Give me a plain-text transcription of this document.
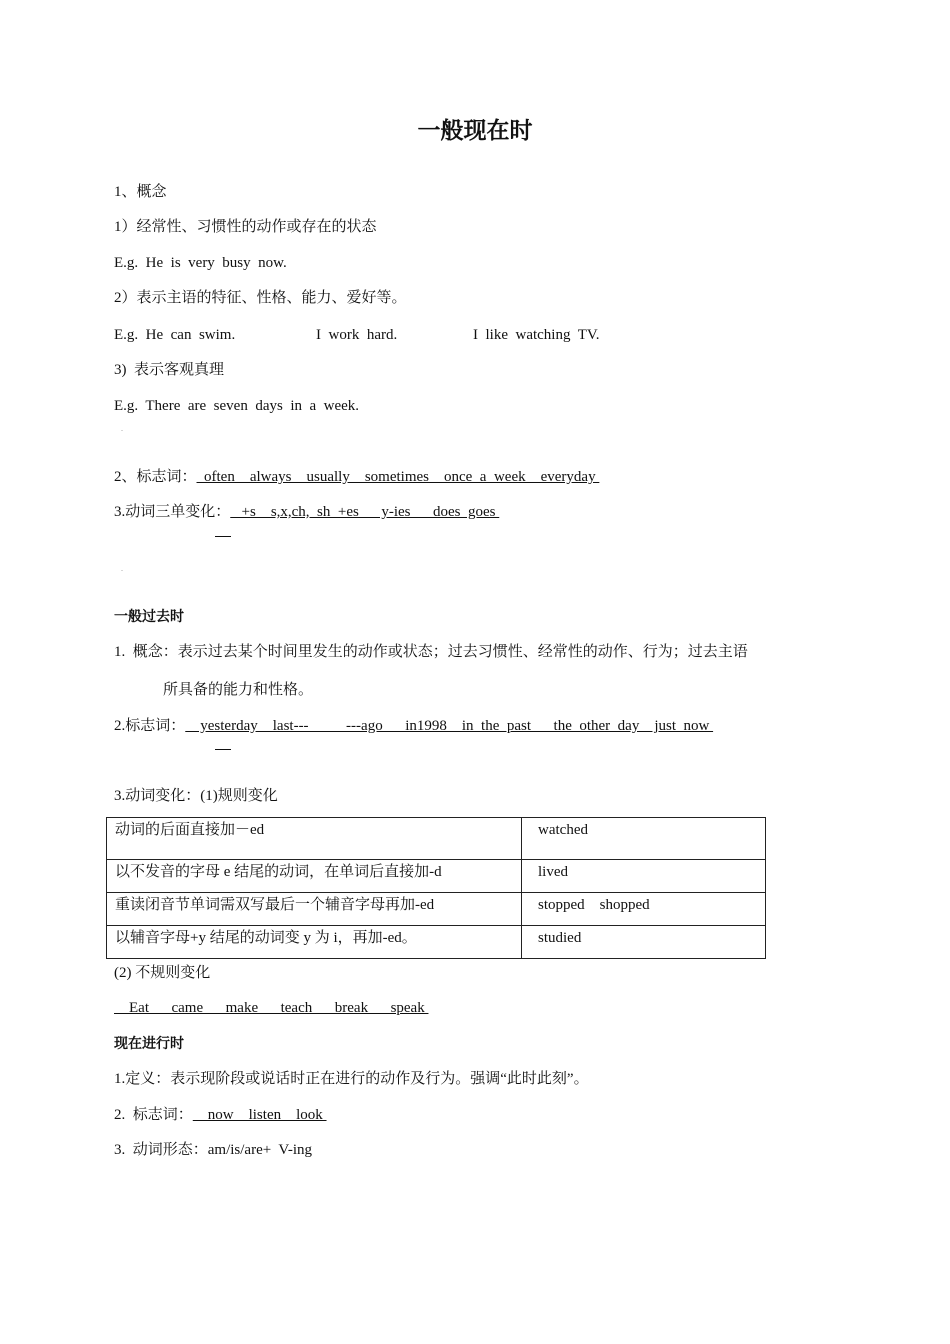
一般现在时
1、概念
1）经常性、习惯性的动作或存在的状态
E.g.  He  is  very  busy  now.
2）表示主语的特征、性格、能力、爱好等。
E.g.  He  can  swim.	I  work  hard.	I  like  watching  TV.
3)  表示客观真理
E.g.  There  are  seven  days  in  a  week.
.
2、标志词：  often    always    usually    sometimes    once  a  week    everyday
3.动词三单变化：   +s    s,x,ch,  sh  +es      y-ies      does  goes
.
一般过去时
1.  概念：表示过去某个时间里发生的动作或状态；过去习惯性、经常性的动作、行为；过去主语
所具备的能力和性格。
2.标志词：    yesterday    last---          ---ago      in1998    in  the  past      the  other  day    just  now
3.动词变化：(1)规则变化
动词的后面直接加－ed	watched
以不发音的字母 e 结尾的动词，在单词后直接加-d	lived
重读闭音节单词需双写最后一个辅音字母再加-ed	stopped    shopped
以辅音字母+y 结尾的动词变 y 为 i，再加-ed。	studied
(2) 不规则变化
Eat      came      make      teach      break      speak
现在进行时
1.定义：表示现阶段或说话时正在进行的动作及行为。强调“此时此刻”。
2.  标志词：    now    listen    look
3.  动词形态：am/is/are+  V-ing
